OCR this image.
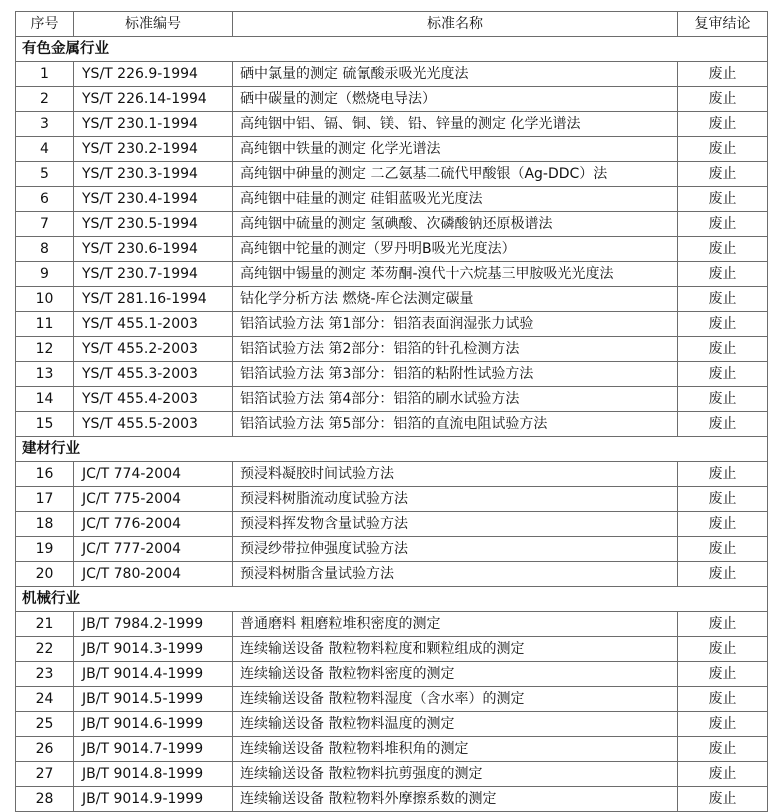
序号	标准编号	标准名称	复审结论
有色金属行业			
1	YS/T 226.9-1994	硒中氯量的测定 硫氰酸汞吸光光度法	废止
2	YS/T 226.14-1994	硒中碳量的测定（燃烧电导法）	废止
3	YS/T 230.1-1994	高纯铟中铝、镉、铜、镁、铅、锌量的测定 化学光谱法	废止
4	YS/T 230.2-1994	高纯铟中铁量的测定 化学光谱法	废止
5	YS/T 230.3-1994	高纯铟中砷量的测定 二乙氨基二硫代甲酸银（Ag-DDC）法	废止
6	YS/T 230.4-1994	高纯铟中硅量的测定 硅钼蓝吸光光度法	废止
7	YS/T 230.5-1994	高纯铟中硫量的测定 氢碘酸、次磷酸钠还原极谱法	废止
8	YS/T 230.6-1994	高纯铟中铊量的测定（罗丹明B吸光光度法）	废止
9	YS/T 230.7-1994	高纯铟中锡量的测定 苯芴酮-溴代十六烷基三甲胺吸光光度法	废止
10	YS/T 281.16-1994	钴化学分析方法 燃烧-库仑法测定碳量	废止
11	YS/T 455.1-2003	铝箔试验方法 第1部分：铝箔表面润湿张力试验	废止
12	YS/T 455.2-2003	铝箔试验方法 第2部分：铝箔的针孔检测方法	废止
13	YS/T 455.3-2003	铝箔试验方法 第3部分：铝箔的粘附性试验方法	废止
14	YS/T 455.4-2003	铝箔试验方法 第4部分：铝箔的刷水试验方法	废止
15	YS/T 455.5-2003	铝箔试验方法 第5部分：铝箔的直流电阻试验方法	废止
建材行业			
16	JC/T 774-2004	预浸料凝胶时间试验方法	废止
17	JC/T 775-2004	预浸料树脂流动度试验方法	废止
18	JC/T 776-2004	预浸料挥发物含量试验方法	废止
19	JC/T 777-2004	预浸纱带拉伸强度试验方法	废止
20	JC/T 780-2004	预浸料树脂含量试验方法	废止
机械行业			
21	JB/T 7984.2-1999	普通磨料 粗磨粒堆积密度的测定	废止
22	JB/T 9014.3-1999	连续输送设备 散粒物料粒度和颗粒组成的测定	废止
23	JB/T 9014.4-1999	连续输送设备 散粒物料密度的测定	废止
24	JB/T 9014.5-1999	连续输送设备 散粒物料湿度（含水率）的测定	废止
25	JB/T 9014.6-1999	连续输送设备 散粒物料温度的测定	废止
26	JB/T 9014.7-1999	连续输送设备 散粒物料堆积角的测定	废止
27	JB/T 9014.8-1999	连续输送设备 散粒物料抗剪强度的测定	废止
28	JB/T 9014.9-1999	连续输送设备 散粒物料外摩擦系数的测定	废止
